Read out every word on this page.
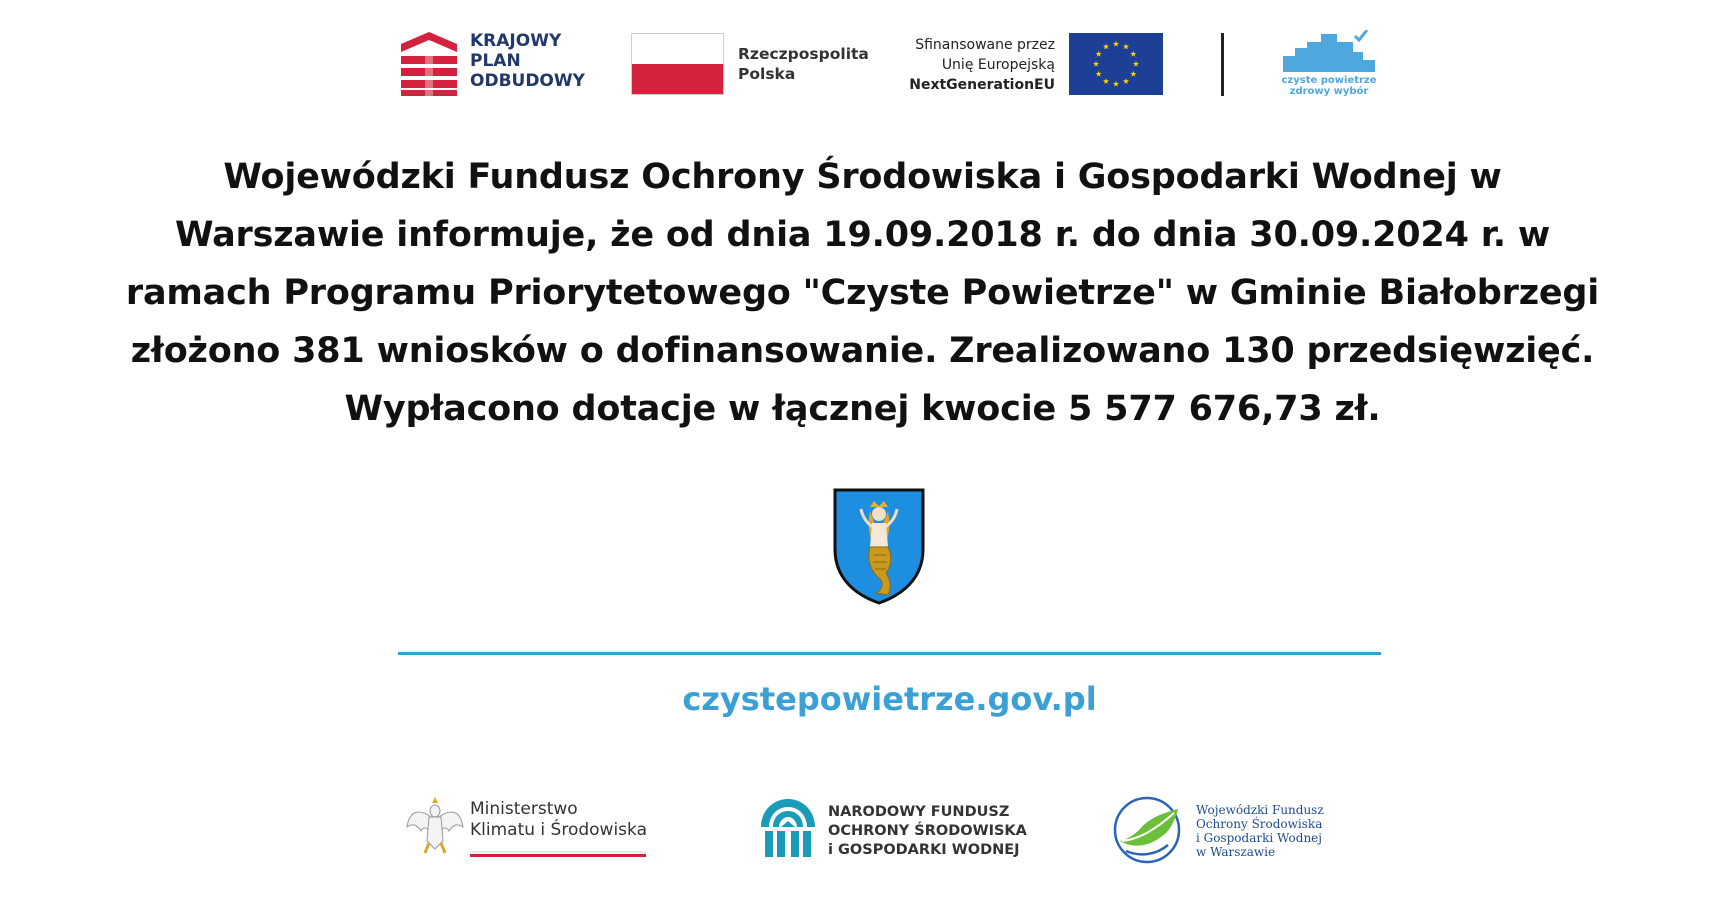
KRAJOWY
PLAN
ODBUDOWY
Rzeczpospolita
Polska
Sfinansowane przez
Unię Europejską
NextGenerationEU	czyste powietrze
zdrowy wybór
Wojewódzki Fundusz Ochrony Środowiska i Gospodarki Wodnej w
Warszawie informuje, że od dnia 19.09.2018 r. do dnia 30.09.2024 r. w
ramach Programu Priorytetowego "Czyste Powietrze" w Gminie Białobrzegi
złożono 381 wniosków o dofinansowanie. Zrealizowano 130 przedsięwzięć.
Wypłacono dotacje w łącznej kwocie 5 577 676,73 zł.
czystepowietrze.gov.pl
Ministerstwo
Klimatu i Środowiska
NARODOWY FUNDUSZ
OCHRONY ŚRODOWISKA
i GOSPODARKI WODNEJ
Wojewódzki Fundusz
Ochrony Środowiska
i Gospodarki Wodnej
w Warszawie
